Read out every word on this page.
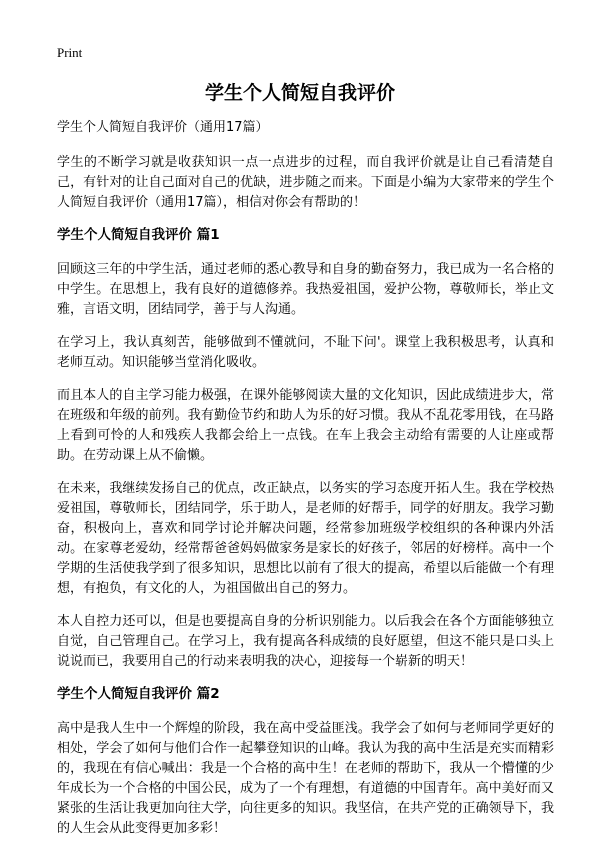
Print
学生个人简短自我评价
学生个人简短自我评价（通用17篇）

学生的不断学习就是收获知识一点一点进步的过程，而自我评价就是让自己看清楚自己，有针对的让自己面对自己的优缺，进步随之而来。下面是小编为大家带来的学生个人简短自我评价（通用17篇），相信对你会有帮助的！

学生个人简短自我评价 篇1

回顾这三年的中学生活，通过老师的悉心教导和自身的勤奋努力，我已成为一名合格的中学生。在思想上，我有良好的道德修养。我热爱祖国，爱护公物，尊敬师长，举止文雅，言语文明，团结同学，善于与人沟通。

在学习上，我认真刻苦，能够做到不懂就问，不耻下问'。课堂上我积极思考，认真和老师互动。知识能够当堂消化吸收。

而且本人的自主学习能力极强，在课外能够阅读大量的文化知识，因此成绩进步大，常在班级和年级的前列。我有勤俭节约和助人为乐的好习惯。我从不乱花零用钱，在马路上看到可怜的人和残疾人我都会给上一点钱。在车上我会主动给有需要的人让座或帮助。在劳动课上从不偷懒。

在未来，我继续发扬自己的优点，改正缺点，以务实的学习态度开拓人生。我在学校热爱祖国，尊敬师长，团结同学，乐于助人，是老师的好帮手，同学的好朋友。我学习勤奋，积极向上，喜欢和同学讨论并解决问题，经常参加班级学校组织的各种课内外活动。在家尊老爱幼，经常帮爸爸妈妈做家务是家长的好孩子，邻居的好榜样。高中一个学期的生活使我学到了很多知识，思想比以前有了很大的提高，希望以后能做一个有理想，有抱负，有文化的人，为祖国做出自己的努力。

本人自控力还可以，但是也要提高自身的分析识别能力。以后我会在各个方面能够独立自觉，自己管理自己。在学习上，我有提高各科成绩的良好愿望，但这不能只是口头上说说而已，我要用自己的行动来表明我的决心，迎接每一个崭新的明天！

学生个人简短自我评价 篇2

高中是我人生中一个辉煌的阶段，我在高中受益匪浅。我学会了如何与老师同学更好的相处，学会了如何与他们合作一起攀登知识的山峰。我认为我的高中生活是充实而精彩的，我现在有信心喊出：我是一个合格的高中生！在老师的帮助下，我从一个懵懂的少年成长为一个合格的中国公民，成为了一个有理想，有道德的中国青年。高中美好而又紧张的生活让我更加向往大学，向往更多的知识。我坚信，在共产党的正确领导下，我的人生会从此变得更加多彩！
